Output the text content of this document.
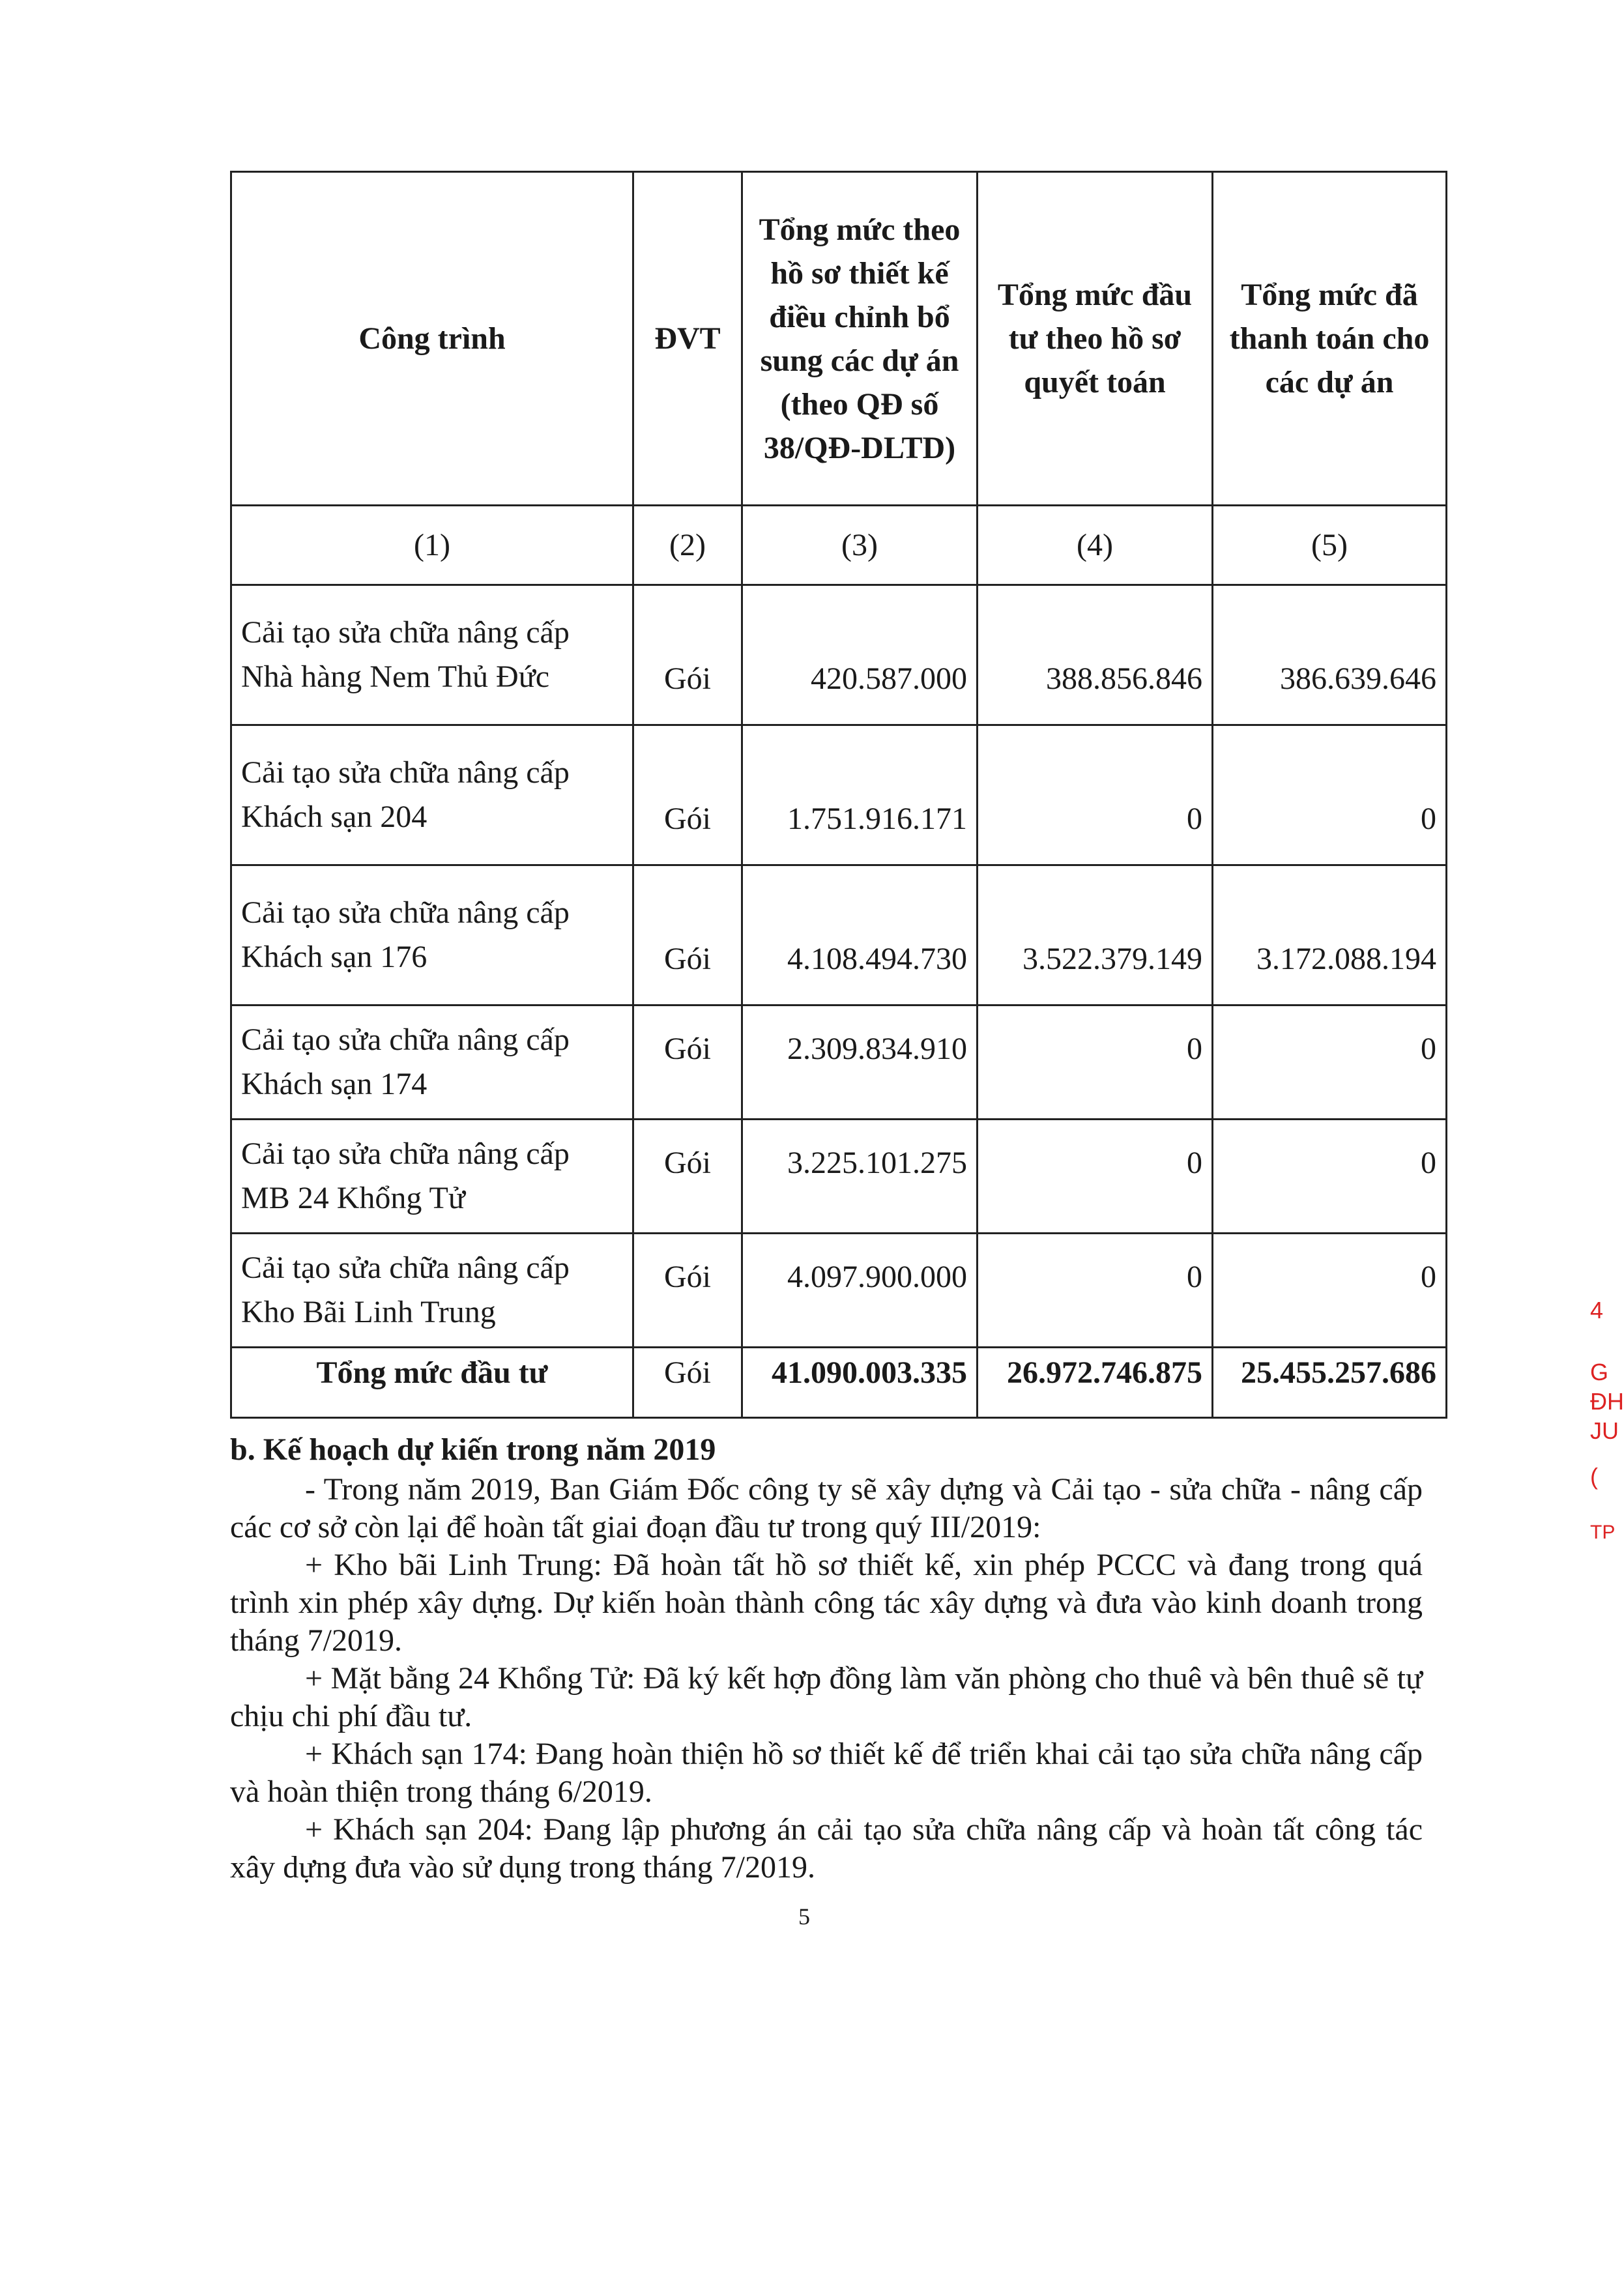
Công trình	ĐVT	Tổng mức theo hồ sơ thiết kế điều chỉnh bổ sung các dự án (theo QĐ số 38/QĐ-DLTD)	Tổng mức đầu tư theo hồ sơ quyết toán	Tổng mức đã thanh toán cho các dự án
(1)	(2)	(3)	(4)	(5)
Cải tạo sửa chữa nâng cấp Nhà hàng Nem Thủ Đức	Gói	420.587.000	388.856.846	386.639.646
Cải tạo sửa chữa nâng cấp Khách sạn 204	Gói	1.751.916.171	0	0
Cải tạo sửa chữa nâng cấp Khách sạn 176	Gói	4.108.494.730	3.522.379.149	3.172.088.194
Cải tạo sửa chữa nâng cấp Khách sạn 174	Gói	2.309.834.910	0	0
Cải tạo sửa chữa nâng cấp MB 24 Khổng Tử	Gói	3.225.101.275	0	0
Cải tạo sửa chữa nâng cấp Kho Bãi Linh Trung	Gói	4.097.900.000	0	0
Tổng mức đầu tư	Gói	41.090.003.335	26.972.746.875	25.455.257.686
b. Kế hoạch dự kiến trong năm 2019

- Trong năm 2019, Ban Giám Đốc công ty sẽ xây dựng và Cải tạo - sửa chữa - nâng cấp các cơ sở còn lại để hoàn tất giai đoạn đầu tư trong quý III/2019:

+ Kho bãi Linh Trung: Đã hoàn tất hồ sơ thiết kế, xin phép PCCC và đang trong quá trình xin phép xây dựng. Dự kiến hoàn thành công tác xây dựng và đưa vào kinh doanh trong tháng 7/2019.

+ Mặt bằng 24 Khổng Tử: Đã ký kết hợp đồng làm văn phòng cho thuê và bên thuê sẽ tự chịu chi phí đầu tư.

+ Khách sạn 174: Đang hoàn thiện hồ sơ thiết kế để triển khai cải tạo sửa chữa nâng cấp và hoàn thiện trong tháng 6/2019.

+ Khách sạn 204: Đang lập phương án cải tạo sửa chữa nâng cấp và hoàn tất công tác xây dựng đưa vào sử dụng trong tháng 7/2019.

5
4
G
ĐH
JU
(
TP
